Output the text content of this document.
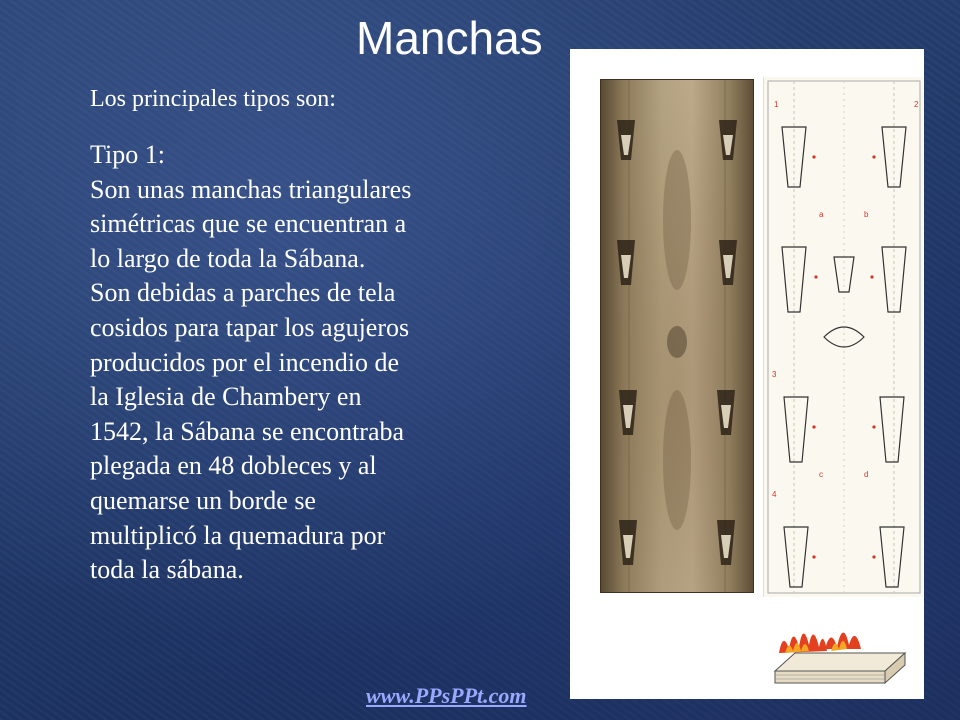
Manchas
Los principales tipos son:
Tipo 1:
Son unas manchas triangulares
simétricas que se encuentran a
lo largo de toda la Sábana.
Son debidas a parches de tela
cosidos para tapar los agujeros
producidos por el incendio de
la Iglesia de Chambery en
1542, la Sábana se encontraba
plegada en 48 dobleces y al
quemarse un borde se
multiplicó la quemadura por
toda la sábana.
1	2
3
4
a	b
c	d
www.PPsPPt.com
